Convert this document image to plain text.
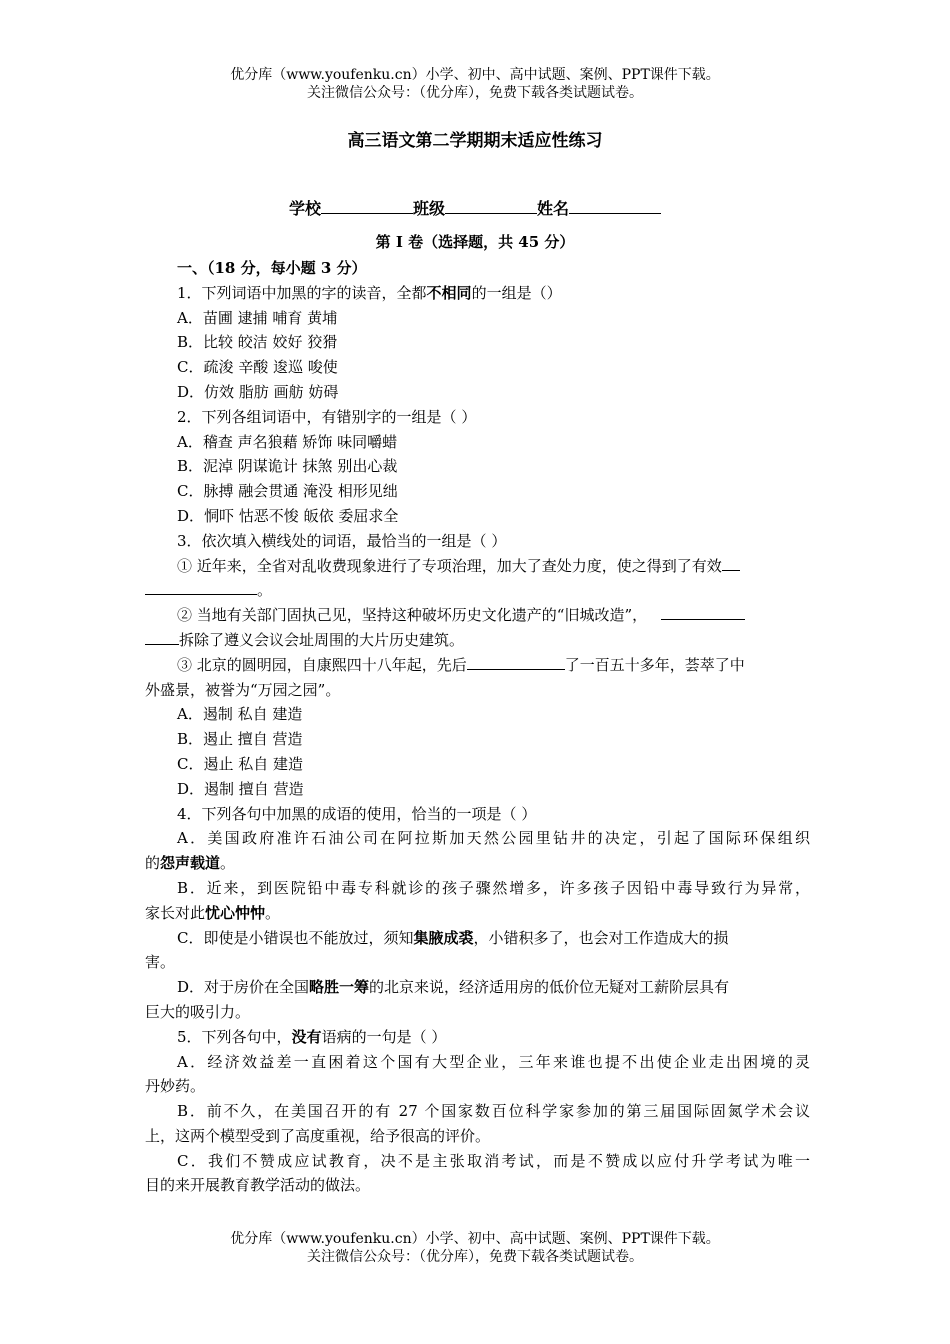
优分库（www.youfenku.cn）小学、初中、高中试题、案例、PPT课件下载。
关注微信公众号：（优分库），免费下载各类试题试卷。
高三语文第二学期期末适应性练习
学校	班级	姓名
第 I 卷（选择题，共 45 分）
一、（18 分，每小题 3 分）
1．下列词语中加黑的字的读音，全都不相同的一组是（）
A．苗圃 逮捕 哺育 黄埔
B．比较 皎洁 姣好 狡猾
C．疏浚 辛酸 逡巡 唆使
D．仿效 脂肪 画舫 妨碍
2．下列各组词语中，有错别字的一组是（ ）
A．稽查 声名狼藉 矫饰 味同嚼蜡
B．泥淖 阴谋诡计 抹煞 别出心裁
C．脉搏 融会贯通 淹没 相形见绌
D．恫吓 怙恶不悛 皈依 委屈求全
3．依次填入横线处的词语，最恰当的一组是（ ）
① 近年来，全省对乱收费现象进行了专项治理，加大了查处力度，使之得到了有效
。
② 当地有关部门固执己见，坚持这种破坏历史文化遗产的“旧城改造”，
拆除了遵义会议会址周围的大片历史建筑。
③ 北京的圆明园，自康熙四十八年起，先后	了一百五十多年，荟萃了中
外盛景，被誉为“万园之园”。
A．遏制 私自 建造
B．遏止 擅自 营造
C．遏止 私自 建造
D．遏制 擅自 营造
4．下列各句中加黑的成语的使用，恰当的一项是（ ）
A．美国政府准许石油公司在阿拉斯加天然公园里钻井的决定，引起了国际环保组织
的怨声载道。
B．近来，到医院铅中毒专科就诊的孩子骤然增多，许多孩子因铅中毒导致行为异常，
家长对此忧心忡忡。
C．即使是小错误也不能放过，须知集腋成裘，小错积多了，也会对工作造成大的损
害。
D．对于房价在全国略胜一筹的北京来说，经济适用房的低价位无疑对工薪阶层具有
巨大的吸引力。
5．下列各句中，没有语病的一句是（ ）
A．经济效益差一直困着这个国有大型企业，三年来谁也提不出使企业走出困境的灵
丹妙药。
B．前不久，在美国召开的有 27 个国家数百位科学家参加的第三届国际固氮学术会议
上，这两个模型受到了高度重视，给予很高的评价。
C．我们不赞成应试教育，决不是主张取消考试，而是不赞成以应付升学考试为唯一
目的来开展教育教学活动的做法。
优分库（www.youfenku.cn）小学、初中、高中试题、案例、PPT课件下载。
关注微信公众号：（优分库），免费下载各类试题试卷。
